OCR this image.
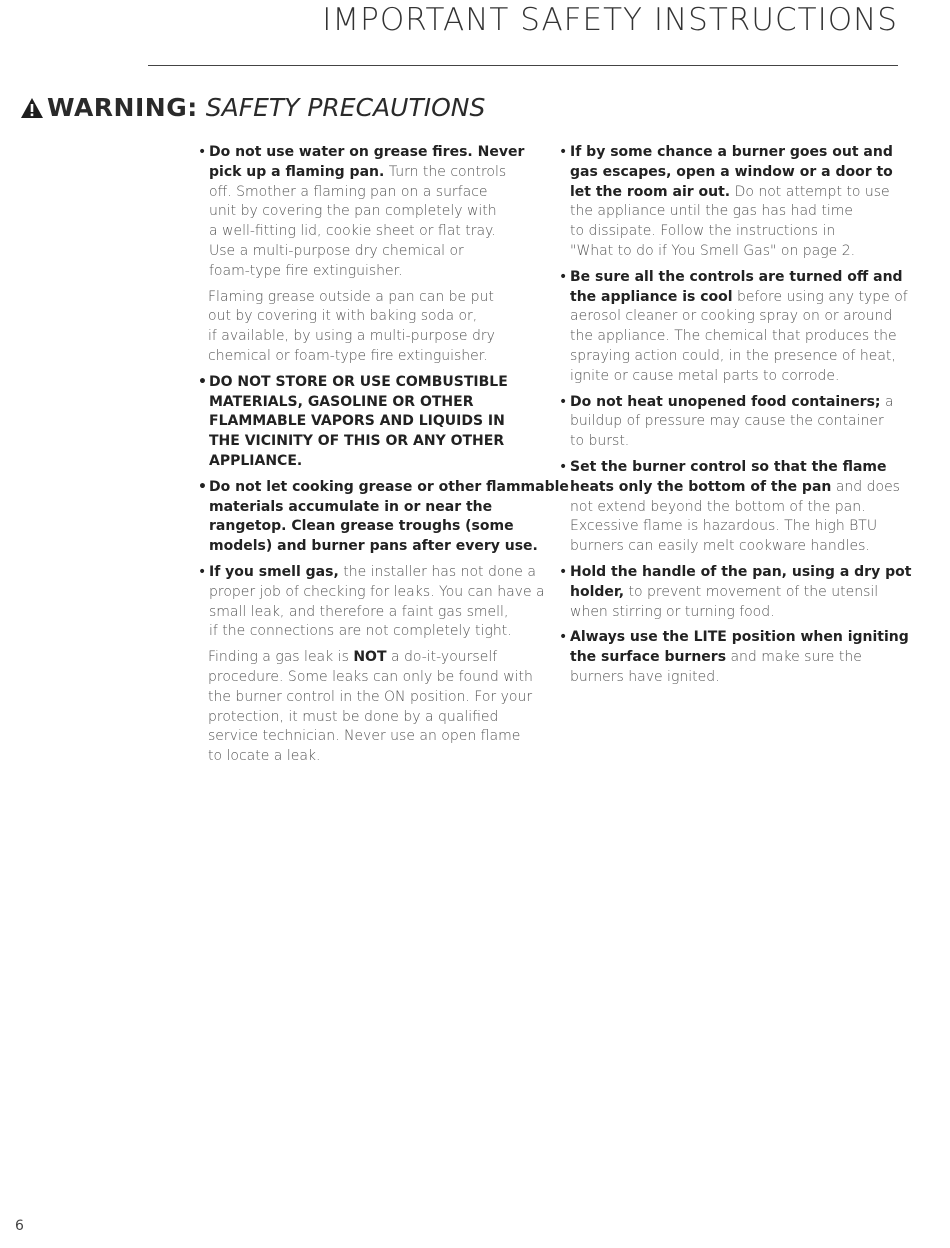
IMPORTANT SAFETY INSTRUCTIONS
WARNING: SAFETY PRECAUTIONS
• Do not use water on grease fires. Never
pick up a flaming pan. Turn the controls
off. Smother a flaming pan on a surface
unit by covering the pan completely with
a well-fitting lid, cookie sheet or flat tray.
Use a multi-purpose dry chemical or
foam-type fire extinguisher.
Flaming grease outside a pan can be put
out by covering it with baking soda or,
if available, by using a multi-purpose dry
chemical or foam-type fire extinguisher.
• DO NOT STORE OR USE COMBUSTIBLE
MATERIALS, GASOLINE OR OTHER
FLAMMABLE VAPORS AND LIQUIDS IN
THE VICINITY OF THIS OR ANY OTHER
APPLIANCE.
• Do not let cooking grease or other flammable
materials accumulate in or near the
rangetop. Clean grease troughs (some
models) and burner pans after every use.
• If you smell gas, the installer has not done a
proper job of checking for leaks. You can have a
small leak, and therefore a faint gas smell,
if the connections are not completely tight.
Finding a gas leak is NOT a do-it-yourself
procedure. Some leaks can only be found with
the burner control in the ON position. For your
protection, it must be done by a qualified
service technician. Never use an open flame
to locate a leak.
• If by some chance a burner goes out and
gas escapes, open a window or a door to
let the room air out. Do not attempt to use
the appliance until the gas has had time
to dissipate. Follow the instructions in
"What to do if You Smell Gas" on page 2.
• Be sure all the controls are turned off and
the appliance is cool before using any type of
aerosol cleaner or cooking spray on or around
the appliance. The chemical that produces the
spraying action could, in the presence of heat,
ignite or cause metal parts to corrode.
• Do not heat unopened food containers; a
buildup of pressure may cause the container
to burst.
• Set the burner control so that the flame
heats only the bottom of the pan and does
not extend beyond the bottom of the pan.
Excessive flame is hazardous. The high BTU
burners can easily melt cookware handles.
• Hold the handle of the pan, using a dry pot
holder, to prevent movement of the utensil
when stirring or turning food.
• Always use the LITE position when igniting
the surface burners and make sure the
burners have ignited.
6
